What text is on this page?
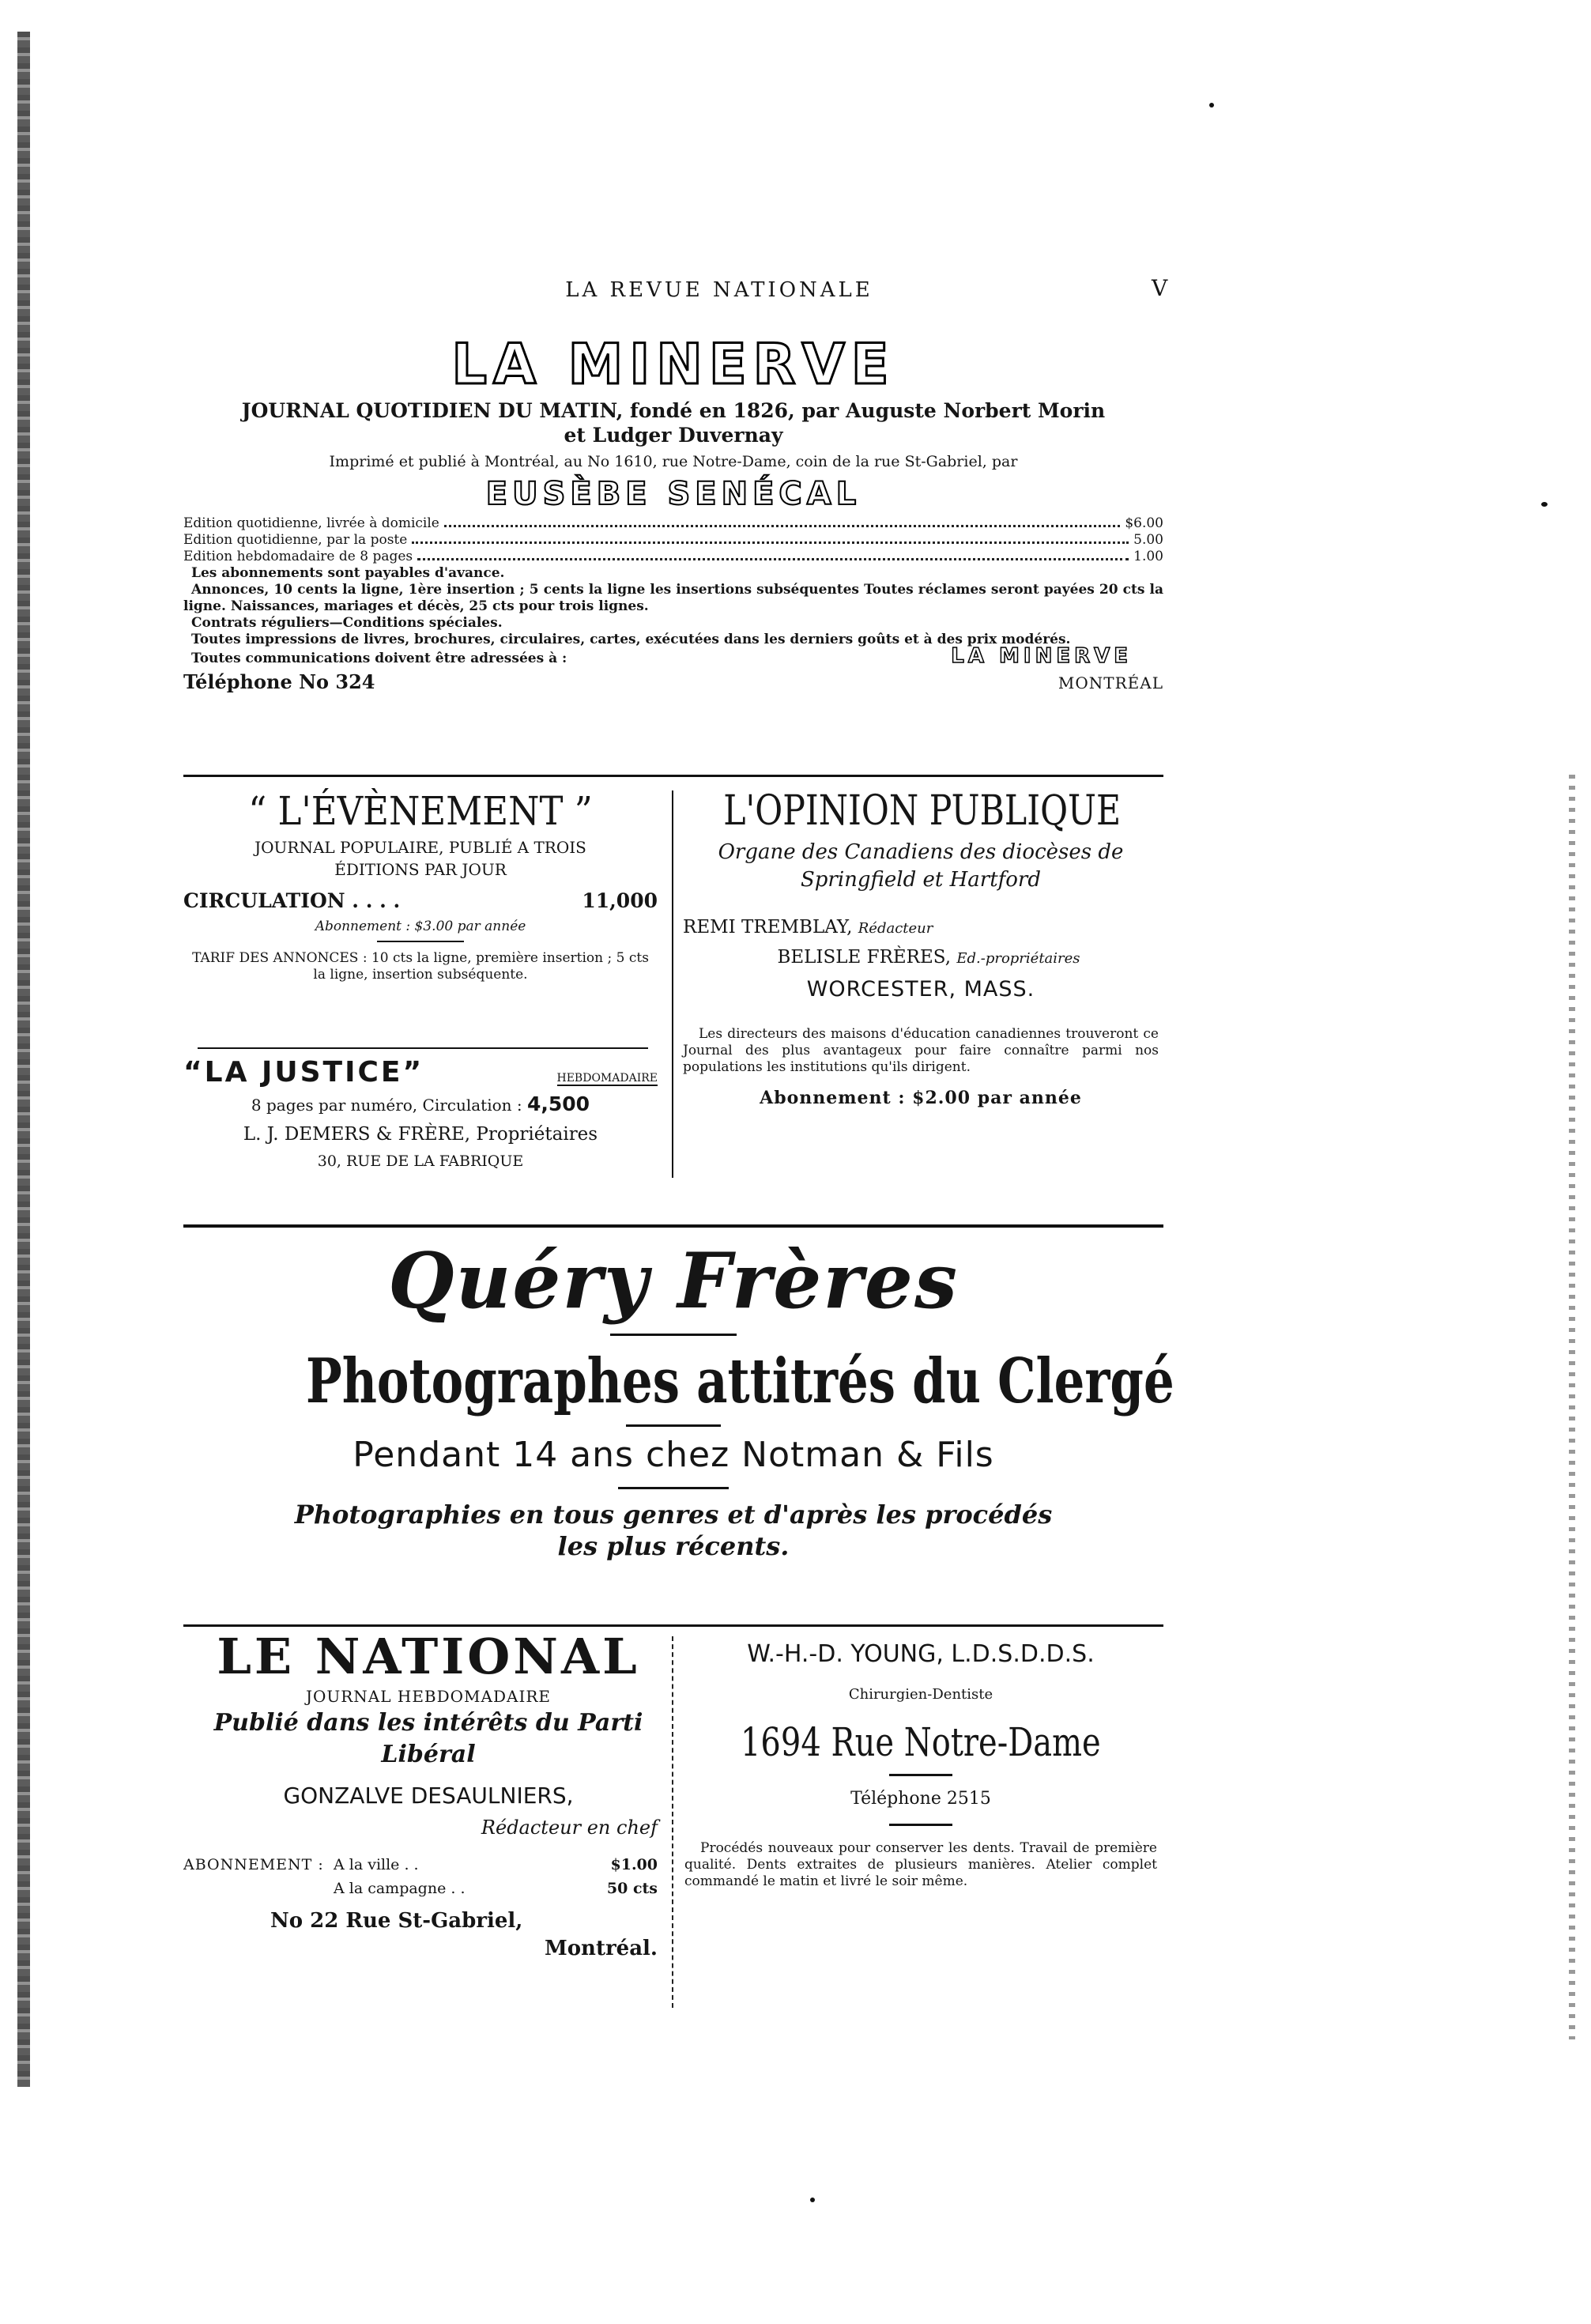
LA REVUE NATIONALE	V
LA MINERVE
JOURNAL QUOTIDIEN DU MATIN, fondé en 1826, par Auguste Norbert Morin
et Ludger Duvernay
Imprimé et publié à Montréal, au No 1610, rue Notre-Dame, coin de la rue St-Gabriel, par
EUSÈBE SENÉCAL
Edition quotidienne, livrée à domicile	$6.00
Edition quotidienne, par la poste	5.00
Edition hebdomadaire de 8 pages	1.00
Les abonnements sont payables d'avance.
Annonces, 10 cents la ligne, 1ère insertion ; 5 cents la ligne les insertions subséquentes Toutes réclames seront payées 20 cts la ligne. Naissances, mariages et décès, 25 cts pour trois lignes.
Contrats réguliers—Conditions spéciales.
Toutes impressions de livres, brochures, circulaires, cartes, exécutées dans les derniers goûts et à des prix modérés.
Toutes communications doivent être adressées à :	LA MINERVE
Téléphone No 324	MONTRÉAL
“ L'ÉVÈNEMENT ”
JOURNAL POPULAIRE, PUBLIÉ A TROIS
ÉDITIONS PAR JOUR
CIRCULATION . . . .	11,000
Abonnement : $3.00 par année
TARIF DES ANNONCES : 10 cts la ligne, première insertion ; 5 cts la ligne, insertion subséquente.
“LA JUSTICE”	HEBDOMADAIRE
8 pages par numéro, Circulation : 4,500
L. J. DEMERS & FRÈRE, Propriétaires
30, RUE DE LA FABRIQUE
L'OPINION PUBLIQUE
Organe des Canadiens des diocèses de
Springfield et Hartford
REMI TREMBLAY, Rédacteur
BELISLE FRÈRES, Ed.-propriétaires
WORCESTER, MASS.
Les directeurs des maisons d'éducation canadiennes trouveront ce Journal des plus avantageux pour faire connaître parmi nos populations les institutions qu'ils dirigent.
Abonnement : $2.00 par année
Quéry Frères
Photographes attitrés du Clergé
Pendant 14 ans chez Notman & Fils
Photographies en tous genres et d'après les procédés
les plus récents.
LE NATIONAL
JOURNAL HEBDOMADAIRE
Publié dans les intérêts du Parti
Libéral
GONZALVE DESAULNIERS,
Rédacteur en chef
ABONNEMENT : A la ville . .	$1.00
A la campagne . .	50 cts
No 22 Rue St-Gabriel,
Montréal.
W.-H.-D. YOUNG, L.D.S.D.D.S.
Chirurgien-Dentiste
1694 Rue Notre-Dame
Téléphone 2515
Procédés nouveaux pour conserver les dents. Travail de première qualité. Dents extraites de plusieurs manières. Atelier complet commandé le matin et livré le soir même.
